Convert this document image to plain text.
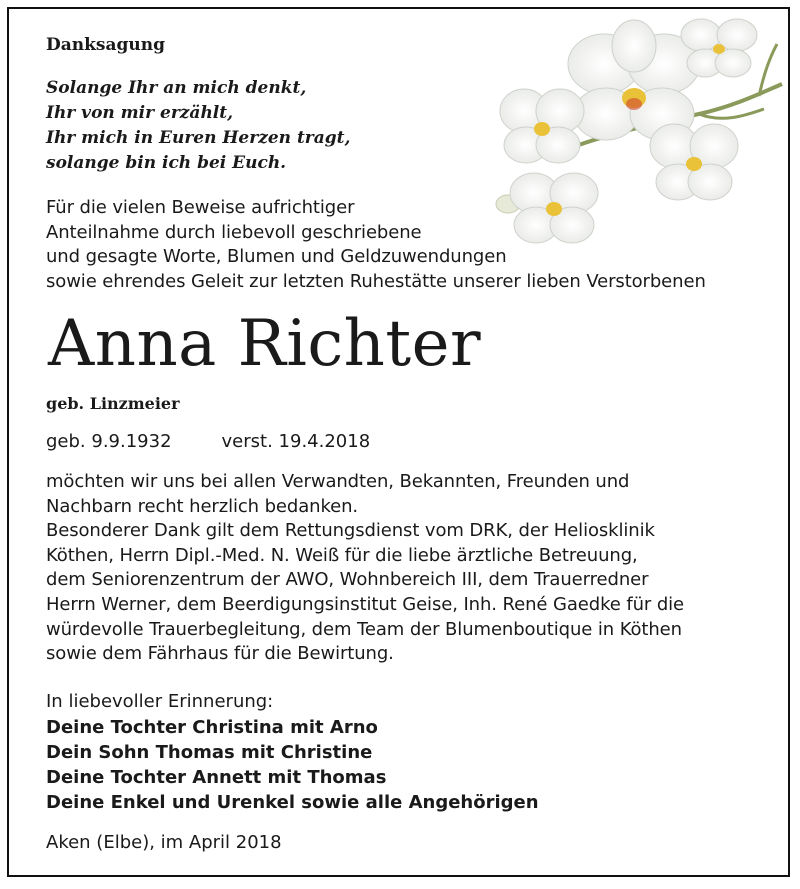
Danksagung
Solange Ihr an mich denkt,
Ihr von mir erzählt,
Ihr mich in Euren Herzen tragt,
solange bin ich bei Euch.
Für die vielen Beweise aufrichtiger
Anteilnahme durch liebevoll geschriebene
und gesagte Worte, Blumen und Geldzuwendungen
sowie ehrendes Geleit zur letzten Ruhestätte unserer lieben Verstorbenen
Anna Richter
geb. Linzmeier
geb. 9.9.1932	verst. 19.4.2018
möchten wir uns bei allen Verwandten, Bekannten, Freunden und
Nachbarn recht herzlich bedanken.
Besonderer Dank gilt dem Rettungsdienst vom DRK, der Heliosklinik
Köthen, Herrn Dipl.-Med. N. Weiß für die liebe ärztliche Betreuung,
dem Seniorenzentrum der AWO, Wohnbereich III, dem Trauerredner
Herrn Werner, dem Beerdigungsinstitut Geise, Inh. René Gaedke für die
würdevolle Trauerbegleitung, dem Team der Blumenboutique in Köthen
sowie dem Fährhaus für die Bewirtung.
In liebevoller Erinnerung:
Deine Tochter Christina mit Arno
Dein Sohn Thomas mit Christine
Deine Tochter Annett mit Thomas
Deine Enkel und Urenkel sowie alle Angehörigen
Aken (Elbe), im April 2018
